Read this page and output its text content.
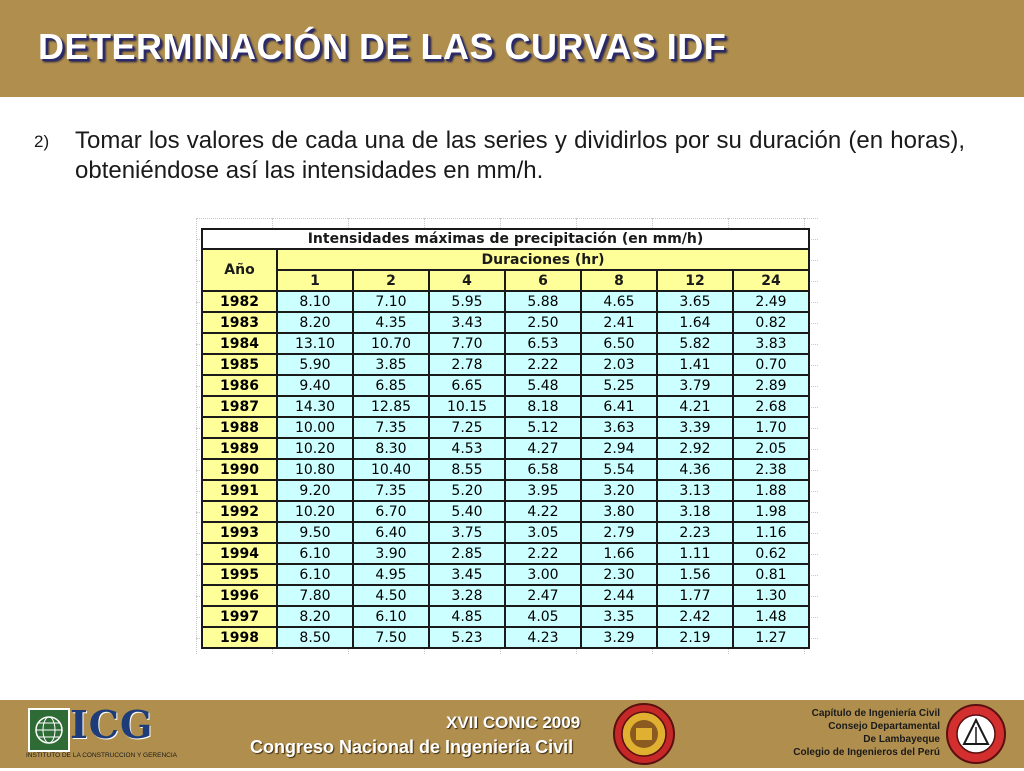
DETERMINACIÓN DE LAS CURVAS IDF
2) Tomar los valores de cada una de las series y dividirlos por su duración (en horas), obteniéndose así las intensidades en mm/h.
Intensidades máximas de precipitación (en mm/h)							
Año	Duraciones (hr)						
	1	2	4	6	8	12	24
1982	8.10	7.10	5.95	5.88	4.65	3.65	2.49
1983	8.20	4.35	3.43	2.50	2.41	1.64	0.82
1984	13.10	10.70	7.70	6.53	6.50	5.82	3.83
1985	5.90	3.85	2.78	2.22	2.03	1.41	0.70
1986	9.40	6.85	6.65	5.48	5.25	3.79	2.89
1987	14.30	12.85	10.15	8.18	6.41	4.21	2.68
1988	10.00	7.35	7.25	5.12	3.63	3.39	1.70
1989	10.20	8.30	4.53	4.27	2.94	2.92	2.05
1990	10.80	10.40	8.55	6.58	5.54	4.36	2.38
1991	9.20	7.35	5.20	3.95	3.20	3.13	1.88
1992	10.20	6.70	5.40	4.22	3.80	3.18	1.98
1993	9.50	6.40	3.75	3.05	2.79	2.23	1.16
1994	6.10	3.90	2.85	2.22	1.66	1.11	0.62
1995	6.10	4.95	3.45	3.00	2.30	1.56	0.81
1996	7.80	4.50	3.28	2.47	2.44	1.77	1.30
1997	8.20	6.10	4.85	4.05	3.35	2.42	1.48
1998	8.50	7.50	5.23	4.23	3.29	2.19	1.27
ICG
INSTITUTO DE LA CONSTRUCCION Y GERENCIA
XVII CONIC 2009
Congreso Nacional de Ingeniería Civil
Capítulo de Ingeniería Civil
Consejo Departamental
De Lambayeque
Colegio de Ingenieros del Perú
